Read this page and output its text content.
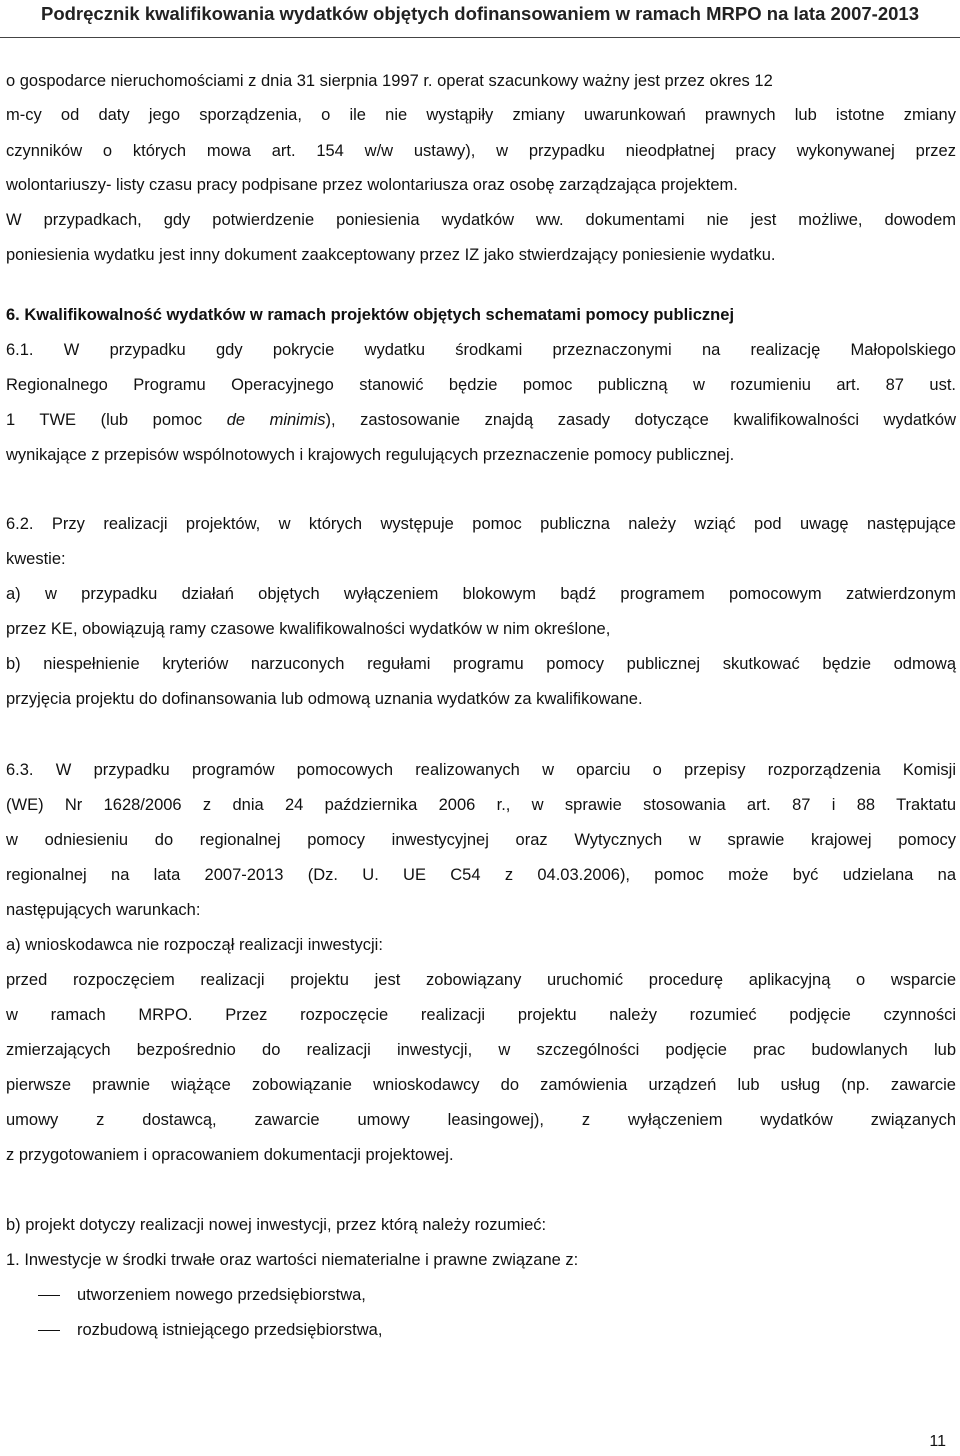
Podręcznik kwalifikowania wydatków objętych dofinansowaniem w ramach MRPO na lata 2007-2013
o gospodarce nieruchomościami z dnia 31 sierpnia 1997 r. operat szacunkowy ważny jest przez okres 12
m-cy od daty jego sporządzenia, o ile nie wystąpiły zmiany uwarunkowań prawnych lub istotne zmiany
czynników o których mowa art. 154 w/w ustawy), w przypadku nieodpłatnej pracy wykonywanej przez
wolontariuszy- listy czasu pracy podpisane przez wolontariusza oraz osobę zarządzająca projektem.
W przypadkach, gdy potwierdzenie poniesienia wydatków ww. dokumentami nie jest możliwe, dowodem
poniesienia wydatku jest inny dokument zaakceptowany przez IZ jako stwierdzający poniesienie wydatku.
6. Kwalifikowalność wydatków w ramach projektów objętych schematami pomocy publicznej
6.1. W przypadku gdy pokrycie wydatku środkami przeznaczonymi na realizację Małopolskiego
Regionalnego Programu Operacyjnego stanowić będzie pomoc publiczną w rozumieniu art. 87 ust.
1 TWE (lub pomoc de minimis), zastosowanie znajdą zasady dotyczące kwalifikowalności wydatków
wynikające z przepisów wspólnotowych i krajowych regulujących przeznaczenie pomocy publicznej.
6.2. Przy realizacji projektów, w których występuje pomoc publiczna należy wziąć pod uwagę następujące
kwestie:
a) w przypadku działań objętych wyłączeniem blokowym bądź programem pomocowym zatwierdzonym
przez KE, obowiązują ramy czasowe kwalifikowalności wydatków w nim określone,
b) niespełnienie kryteriów narzuconych regułami programu pomocy publicznej skutkować będzie odmową
przyjęcia projektu do dofinansowania lub odmową uznania wydatków za kwalifikowane.
6.3. W przypadku programów pomocowych realizowanych w oparciu o przepisy rozporządzenia Komisji
(WE) Nr 1628/2006 z dnia 24 października 2006 r., w sprawie stosowania art. 87 i 88 Traktatu
w odniesieniu do regionalnej pomocy inwestycyjnej oraz Wytycznych w sprawie krajowej pomocy
regionalnej na lata 2007-2013 (Dz. U. UE C54 z 04.03.2006), pomoc może być udzielana na
następujących warunkach:
a) wnioskodawca nie rozpoczął realizacji inwestycji:
przed rozpoczęciem realizacji projektu jest zobowiązany uruchomić procedurę aplikacyjną o wsparcie
w ramach MRPO. Przez rozpoczęcie realizacji projektu należy rozumieć podjęcie czynności
zmierzających bezpośrednio do realizacji inwestycji, w szczególności podjęcie prac budowlanych lub
pierwsze prawnie wiążące zobowiązanie wnioskodawcy do zamówienia urządzeń lub usług (np. zawarcie
umowy z dostawcą, zawarcie umowy leasingowej), z wyłączeniem wydatków związanych
z przygotowaniem i opracowaniem dokumentacji projektowej.
b) projekt dotyczy realizacji nowej inwestycji, przez którą należy rozumieć:
1. Inwestycje w środki trwałe oraz wartości niematerialne i prawne związane z:
utworzeniem nowego przedsiębiorstwa,
rozbudową istniejącego przedsiębiorstwa,
11
